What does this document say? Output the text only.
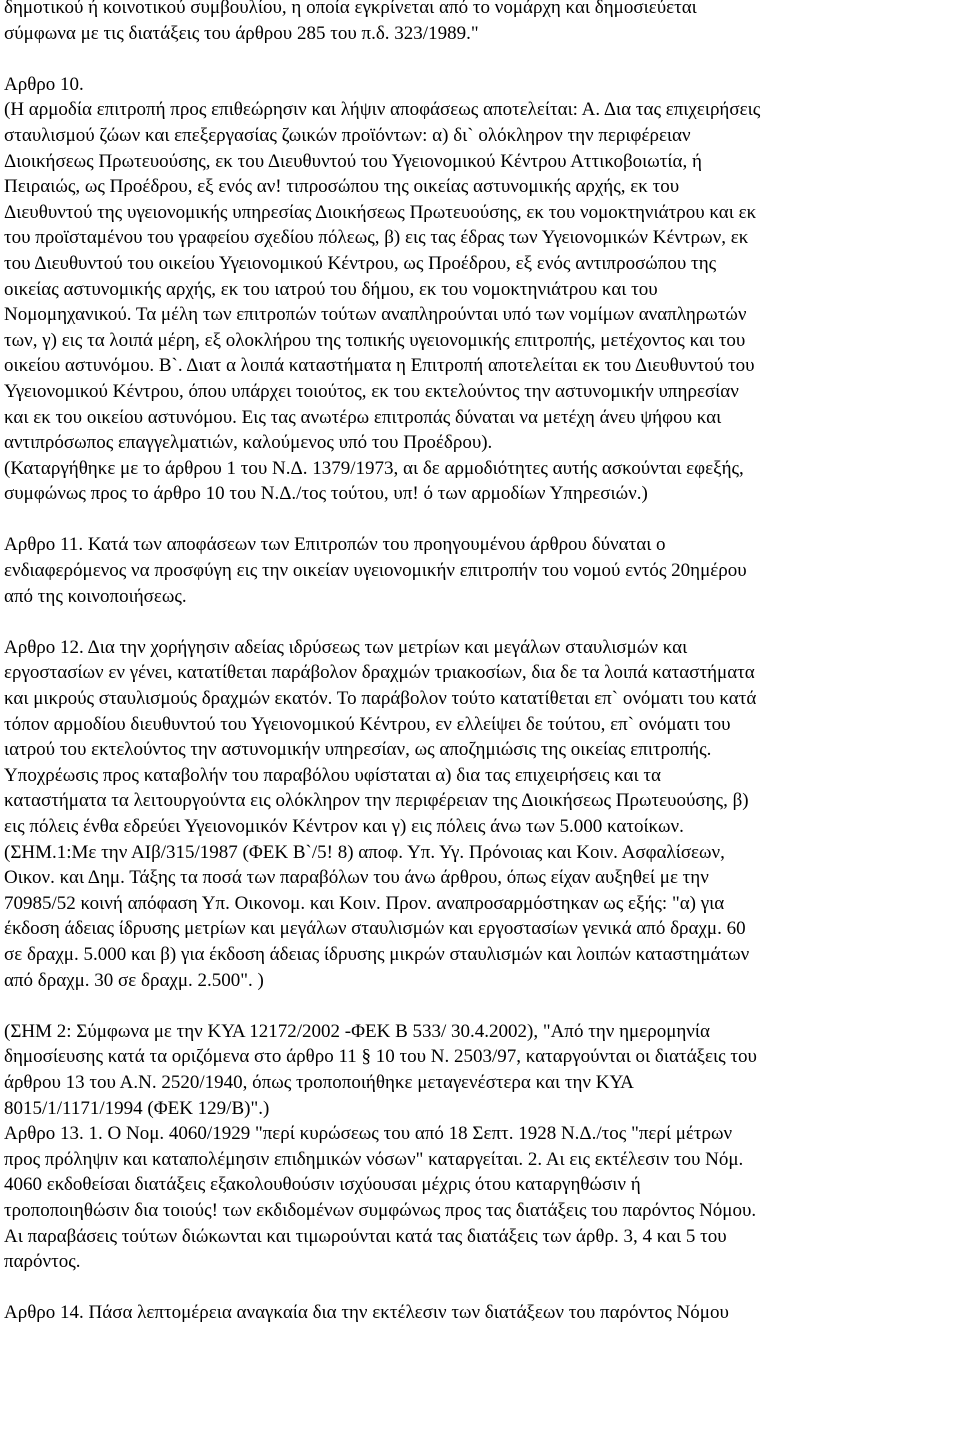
δημοτικού ή κοινοτικού συμβουλίου, η οποία εγκρίνεται από το νομάρχη και δημοσιεύεται
σύμφωνα με τις διατάξεις του άρθρου 285 του π.δ. 323/1989."
Αρθρο 10.
(Η αρμοδία επιτροπή προς επιθεώρησιν και λήψιν αποφάσεως αποτελείται: Α. Δια τας επιχειρήσεις
σταυλισμού ζώων και επεξεργασίας ζωικών προϊόντων: α) δι` ολόκληρον την περιφέρειαν
Διοικήσεως Πρωτευούσης, εκ του Διευθυντού του Υγειονομικού Κέντρου Αττικοβοιωτία, ή
Πειραιώς, ως Προέδρου, εξ ενός αν! τιπροσώπου της οικείας αστυνομικής αρχής, εκ του
Διευθυντού της υγειονομικής υπηρεσίας Διοικήσεως Πρωτευούσης, εκ του νομοκτηνιάτρου και εκ
του προϊσταμένου του γραφείου σχεδίου πόλεως, β) εις τας έδρας των Υγειονομικών Κέντρων, εκ
του Διευθυντού του οικείου Υγειονομικού Κέντρου, ως Προέδρου, εξ ενός αντιπροσώπου της
οικείας αστυνομικής αρχής, εκ του ιατρού του δήμου, εκ του νομοκτηνιάτρου και του
Νομομηχανικού. Τα μέλη των επιτροπών τούτων αναπληρούνται υπό των νομίμων αναπληρωτών
των, γ) εις τα λοιπά μέρη, εξ ολοκλήρου της τοπικής υγειονομικής επιτροπής, μετέχοντος και του
οικείου αστυνόμου. Β`. Διατ α λοιπά καταστήματα η Επιτροπή αποτελείται εκ του Διευθυντού του
Υγειονομικού Κέντρου, όπου υπάρχει τοιούτος, εκ του εκτελούντος την αστυνομικήν υπηρεσίαν
και εκ του οικείου αστυνόμου. Εις τας ανωτέρω επιτροπάς δύναται να μετέχη άνευ ψήφου και
αντιπρόσωπος επαγγελματιών, καλούμενος υπό του Προέδρου).
(Καταργήθηκε με το άρθρου 1 του Ν.Δ. 1379/1973, αι δε αρμοδιότητες αυτής ασκούνται εφεξής,
συμφώνως προς το άρθρο 10 του Ν.Δ./τος τούτου, υπ! ό των αρμοδίων Υπηρεσιών.)
Αρθρο 11. Κατά των αποφάσεων των Επιτροπών του προηγουμένου άρθρου δύναται ο
ενδιαφερόμενος να προσφύγη εις την οικείαν υγειονομικήν επιτροπήν του νομού εντός 20ημέρου
από της κοινοποιήσεως.
Αρθρο 12. Δια την χορήγησιν αδείας ιδρύσεως των μετρίων και μεγάλων σταυλισμών και
εργοστασίων εν γένει, κατατίθεται παράβολον δραχμών τριακοσίων, δια δε τα λοιπά καταστήματα
και μικρούς σταυλισμούς δραχμών εκατόν. Το παράβολον τούτο κατατίθεται επ` ονόματι του κατά
τόπον αρμοδίου διευθυντού του Υγειονομικού Κέντρου, εν ελλείψει δε τούτου, επ` ονόματι του
ιατρού του εκτελούντος την αστυνομικήν υπηρεσίαν, ως αποζημιώσις της οικείας επιτροπής.
Υποχρέωσις προς καταβολήν του παραβόλου υφίσταται α) δια τας επιχειρήσεις και τα
καταστήματα τα λειτουργούντα εις ολόκληρον την περιφέρειαν της Διοικήσεως Πρωτευούσης, β)
εις πόλεις ένθα εδρεύει Υγειονομικόν Κέντρον και γ) εις πόλεις άνω των 5.000 κατοίκων.
(ΣΗΜ.1:Με την ΑΙβ/315/1987 (ΦΕΚ Β`/5! 8) αποφ. Υπ. Υγ. Πρόνοιας και Κοιν. Ασφαλίσεων,
Οικον. και Δημ. Τάξης τα ποσά των παραβόλων του άνω άρθρου, όπως είχαν αυξηθεί με την
70985/52 κοινή απόφαση Υπ. Οικονομ. και Κοιν. Προν. αναπροσαρμόστηκαν ως εξής: "α) για
έκδοση άδειας ίδρυσης μετρίων και μεγάλων σταυλισμών και εργοστασίων γενικά από δραχμ. 60
σε δραχμ. 5.000 και β) για έκδοση άδειας ίδρυσης μικρών σταυλισμών και λοιπών καταστημάτων
από δραχμ. 30 σε δραχμ. 2.500". )
(ΣΗΜ 2: Σύμφωνα με την ΚΥΑ 12172/2002 -ΦΕΚ Β 533/ 30.4.2002), "Από την ημερομηνία
δημοσίευσης κατά τα οριζόμενα στο άρθρο 11 § 10 του Ν. 2503/97, καταργούνται οι διατάξεις του
άρθρου 13 του Α.Ν. 2520/1940, όπως τροποποιήθηκε μεταγενέστερα και την ΚΥΑ
8015/1/1171/1994 (ΦΕΚ 129/Β)".)
Αρθρο 13. 1. Ο Νομ. 4060/1929 "περί κυρώσεως του από 18 Σεπτ. 1928 Ν.Δ./τος "περί μέτρων
προς πρόληψιν και καταπολέμησιν επιδημικών νόσων" καταργείται. 2. Αι εις εκτέλεσιν του Νόμ.
4060 εκδοθείσαι διατάξεις εξακολουθούσιν ισχύουσαι μέχρις ότου καταργηθώσιν ή
τροποποιηθώσιν δια τοιούς! των εκδιδομένων συμφώνως προς τας διατάξεις του παρόντος Νόμου.
Αι παραβάσεις τούτων διώκωνται και τιμωρούνται κατά τας διατάξεις των άρθρ. 3, 4 και 5 του
παρόντος.
Αρθρο 14. Πάσα λεπτομέρεια αναγκαία δια την εκτέλεσιν των διατάξεων του παρόντος Νόμου
